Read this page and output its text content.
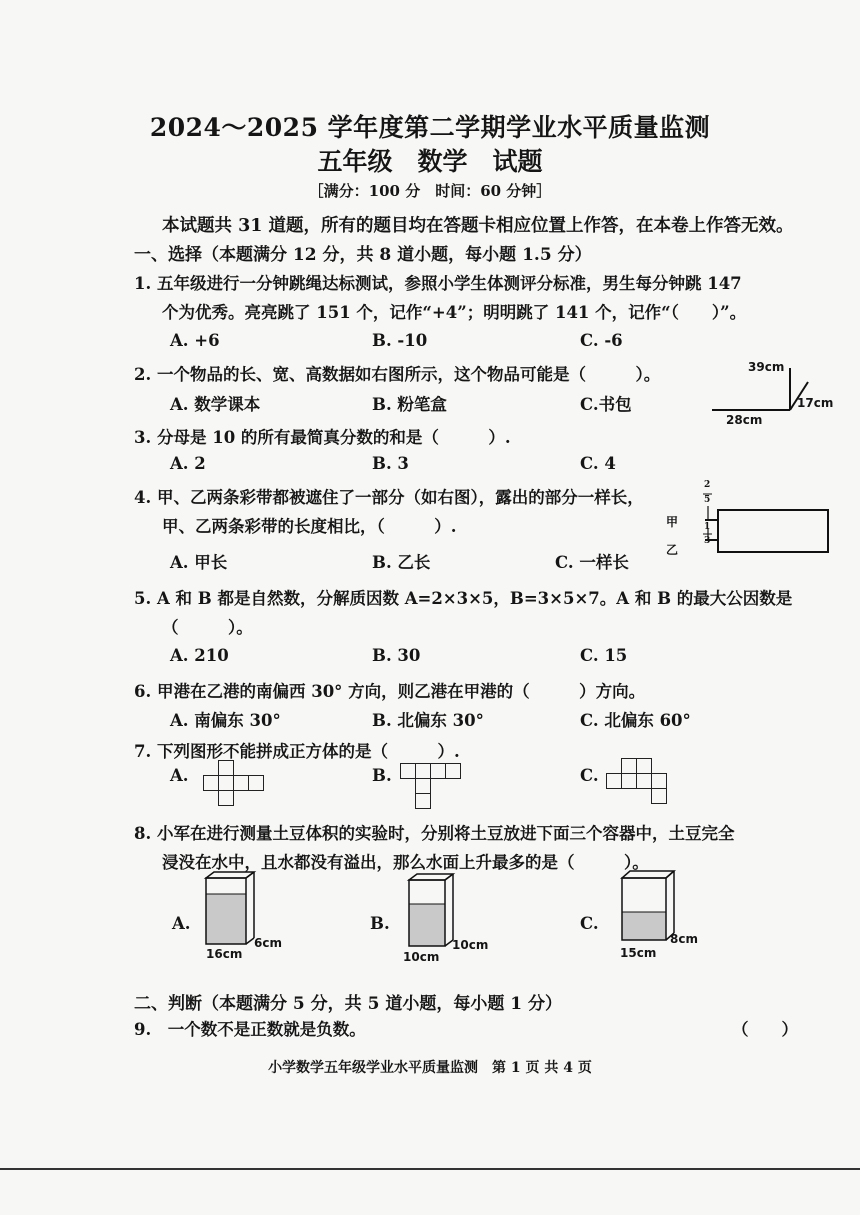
2024～2025 学年度第二学期学业水平质量监测
五年级　数学　试题
［满分：100 分　时间：60 分钟］
本试题共 31 道题，所有的题目均在答题卡相应位置上作答，在本卷上作答无效。
一、选择（本题满分 12 分，共 8 道小题，每小题 1.5 分）
1. 五年级进行一分钟跳绳达标测试，参照小学生体测评分标准，男生每分钟跳 147
个为优秀。亮亮跳了 151 个，记作“+4”；明明跳了 141 个，记作“（　　）”。
A. +6	B. -10	C. -6
2. 一个物品的长、宽、高数据如右图所示，这个物品可能是（　　　）。
A. 数学课本	B. 粉笔盒	C.书包
39cm
17cm
28cm
3. 分母是 10 的所有最简真分数的和是（　　　）.
A. 2	B. 3	C. 4
4. 甲、乙两条彩带都被遮住了一部分（如右图），露出的部分一样长，
甲、乙两条彩带的长度相比，（　　　）.
A. 甲长	B. 乙长	C. 一样长
2
5
1
3
甲
乙
5. A 和 B 都是自然数，分解质因数 A=2×3×5，B=3×5×7。A 和 B 的最大公因数是
（　　　）。
A. 210	B. 30	C. 15
6. 甲港在乙港的南偏西 30° 方向，则乙港在甲港的（　　　）方向。
A. 南偏东 30°	B. 北偏东 30°	C. 北偏东 60°
7. 下列图形不能拼成正方体的是（　　　）.
A.	B.	C.
8. 小军在进行测量土豆体积的实验时，分别将土豆放进下面三个容器中，土豆完全
浸没在水中，且水都没有溢出，那么水面上升最多的是（　　　）。
A.	B.	C.
6cm
16cm
10cm
10cm
8cm
15cm
二、判断（本题满分 5 分，共 5 道小题，每小题 1 分）
9.　一个数不是正数就是负数。	（　　）
小学数学五年级学业水平质量监测　第 1 页 共 4 页
